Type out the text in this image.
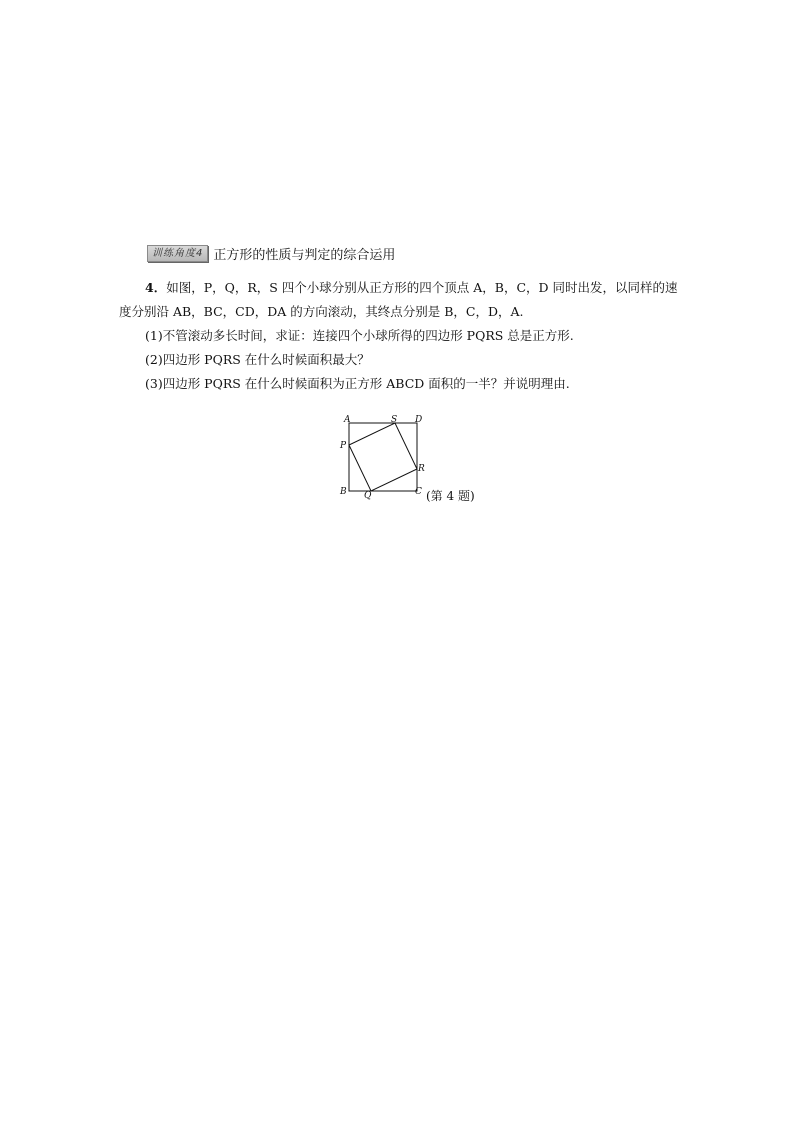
训练角度4 正方形的性质与判定的综合运用

4．如图，P，Q，R，S 四个小球分别从正方形的四个顶点 A，B，C，D 同时出发，以同样的速度分别沿 AB，BC，CD，DA 的方向滚动，其终点分别是 B，C，D，A.

(1)不管滚动多长时间，求证：连接四个小球所得的四边形 PQRS 总是正方形.

(2)四边形 PQRS 在什么时候面积最大？

(3)四边形 PQRS 在什么时候面积为正方形 ABCD 面积的一半？并说明理由.

A	S D
P
R
B Q	C (第 4 题)
